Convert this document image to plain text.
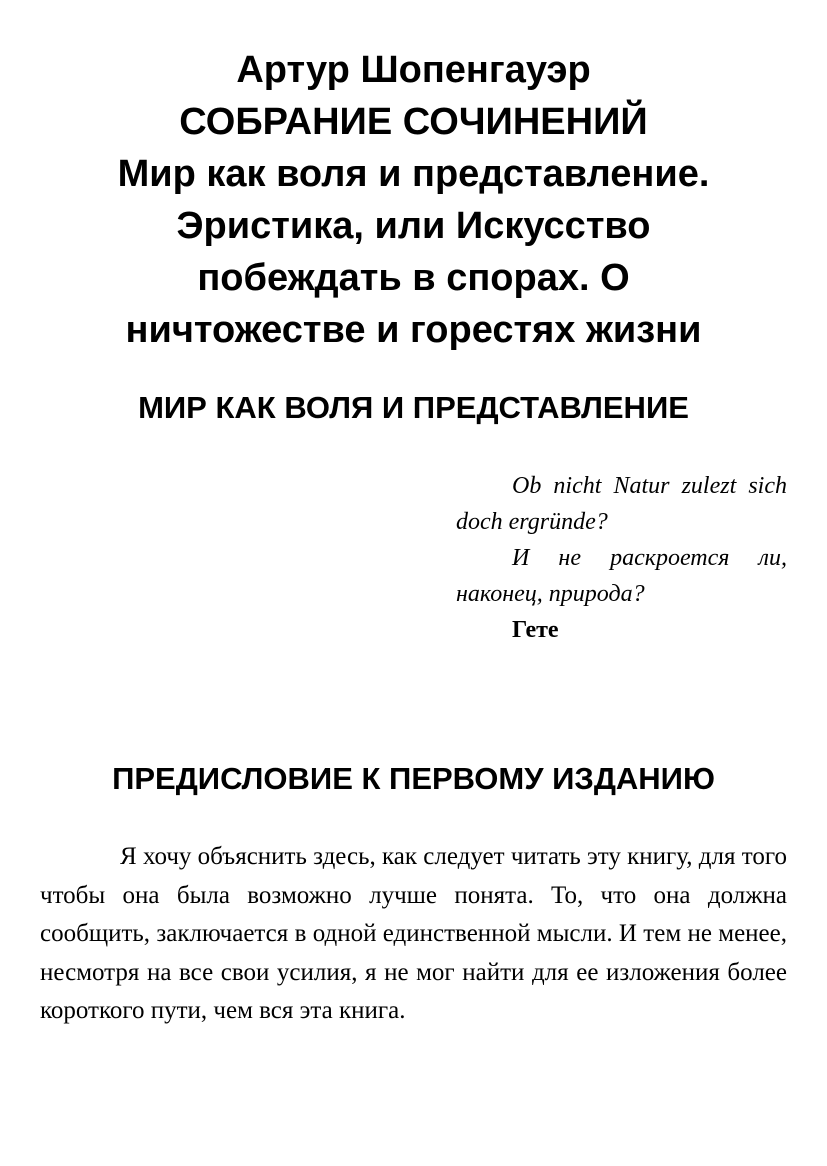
Артур Шопенгауэр
СОБРАНИЕ СОЧИНЕНИЙ
Мир как воля и представление.
Эристика, или Искусство
побеждать в спорах. О
ничтожестве и горестях жизни
МИР КАК ВОЛЯ И ПРЕДСТАВЛЕНИЕ
Ob nicht Natur zulezt sich doch ergründe?
И не раскроется ли, наконец, природа?
Гете
ПРЕДИСЛОВИЕ К ПЕРВОМУ ИЗДАНИЮ

Я хочу объяснить здесь, как следует читать эту книгу, для того чтобы она была возможно лучше понята. То, что она должна сообщить, заключается в одной единственной мысли. И тем не менее, несмотря на все свои усилия, я не мог найти для ее изложения более короткого пути, чем вся эта книга.
